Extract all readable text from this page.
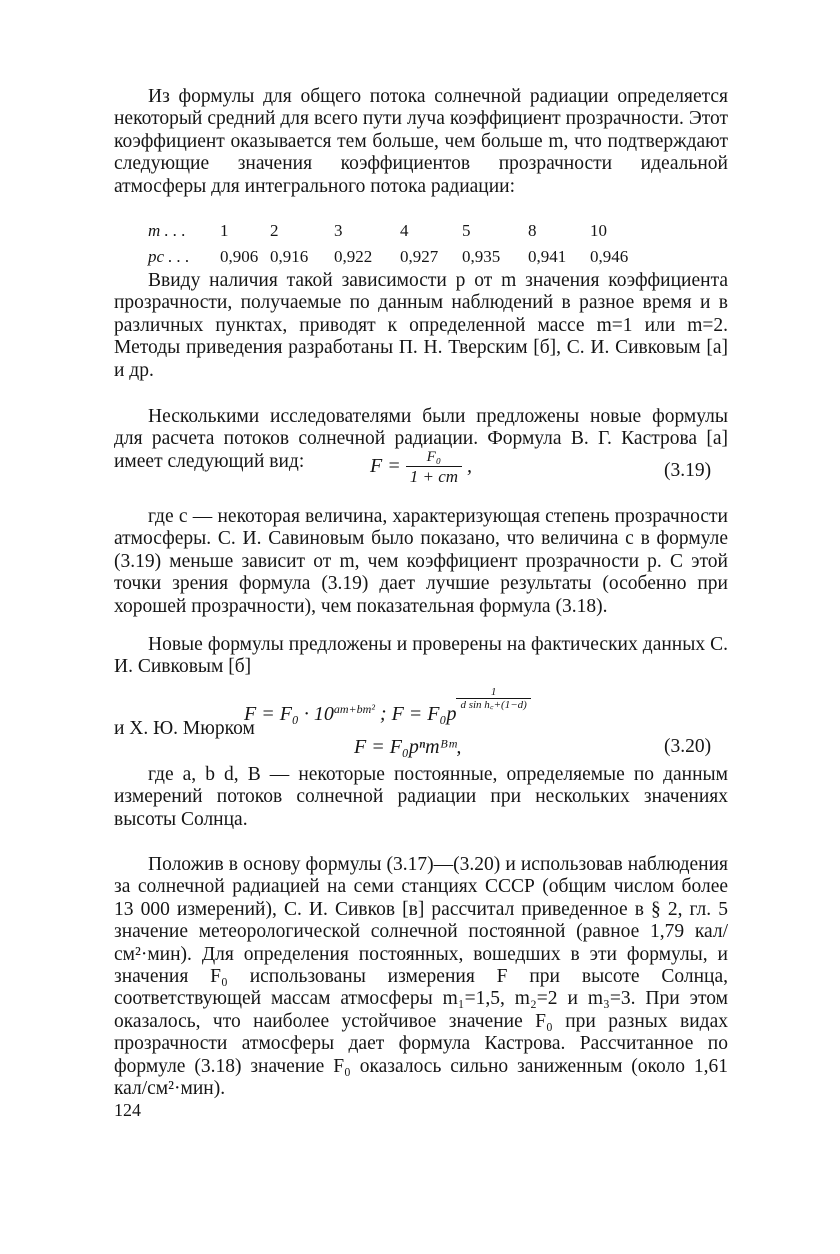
Из формулы для общего потока солнечной радиации определяется некоторый средний для всего пути луча коэффициент прозрачности. Этот коэффициент оказывается тем больше, чем больше m, что подтверждают следующие значения коэффициентов прозрачности идеальной атмосферы для интегрального потока радиации:

m . . .	1	2	3	4	5	8	10
pc . . .	0,906	0,916	0,922	0,927	0,935	0,941	0,946

Ввиду наличия такой зависимости p от m значения коэффициента прозрачности, получаемые по данным наблюдений в разное время и в различных пунктах, приводят к определенной массе m=1 или m=2. Методы приведения разработаны П. Н. Тверским [б], С. И. Сивковым [а] и др.

Несколькими исследователями были предложены новые формулы для расчета потоков солнечной радиации. Формула В. Г. Кастрова [а] имеет следующий вид:	$F = \frac{\text{F₀}}{1 + cm}$ ,	(3.19)

где c — некоторая величина, характеризующая степень прозрачности атмосферы. С. И. Савиновым было показано, что величина c в формуле (3.19) меньше зависит от m, чем коэффициент прозрачности p. С этой точки зрения формула (3.19) дает лучшие результаты (особенно при хорошей прозрачности), чем показательная формула (3.18).

Новые формулы предложены и проверены на фактических данных С. И. Сивковым [б]

$F = F_0 \cdot 10^{am+bm^2}$ ; F = F₀p
$^{\frac{1}{\text{d sin h꜀+(1−d)}}}$

и Х. Ю. Мюрком

F = F₀pⁿmᴮᵐ,	(3.20)

где a, b d, B — некоторые постоянные, определяемые по данным измерений потоков солнечной радиации при нескольких значениях высоты Солнца.

Положив в основу формулы (3.17)—(3.20) и использовав наблюдения за солнечной радиацией на семи станциях СССР (общим числом более 13 000 измерений), С. И. Сивков [в] рассчитал приведенное в § 2, гл. 5 значение метеорологической солнечной постоянной (равное 1,79 кал/см²·мин). Для определения постоянных, вошедших в эти формулы, и значения F₀ использованы измерения F при высоте Солнца, соответствующей массам атмосферы m₁=1,5, m₂=2 и m₃=3. При этом оказалось, что наиболее устойчивое значение F₀ при разных видах прозрачности атмосферы дает формула Кастрова. Рассчитанное по формуле (3.18) значение F₀ оказалось сильно заниженным (около 1,61 кал/см²·мин).

124
